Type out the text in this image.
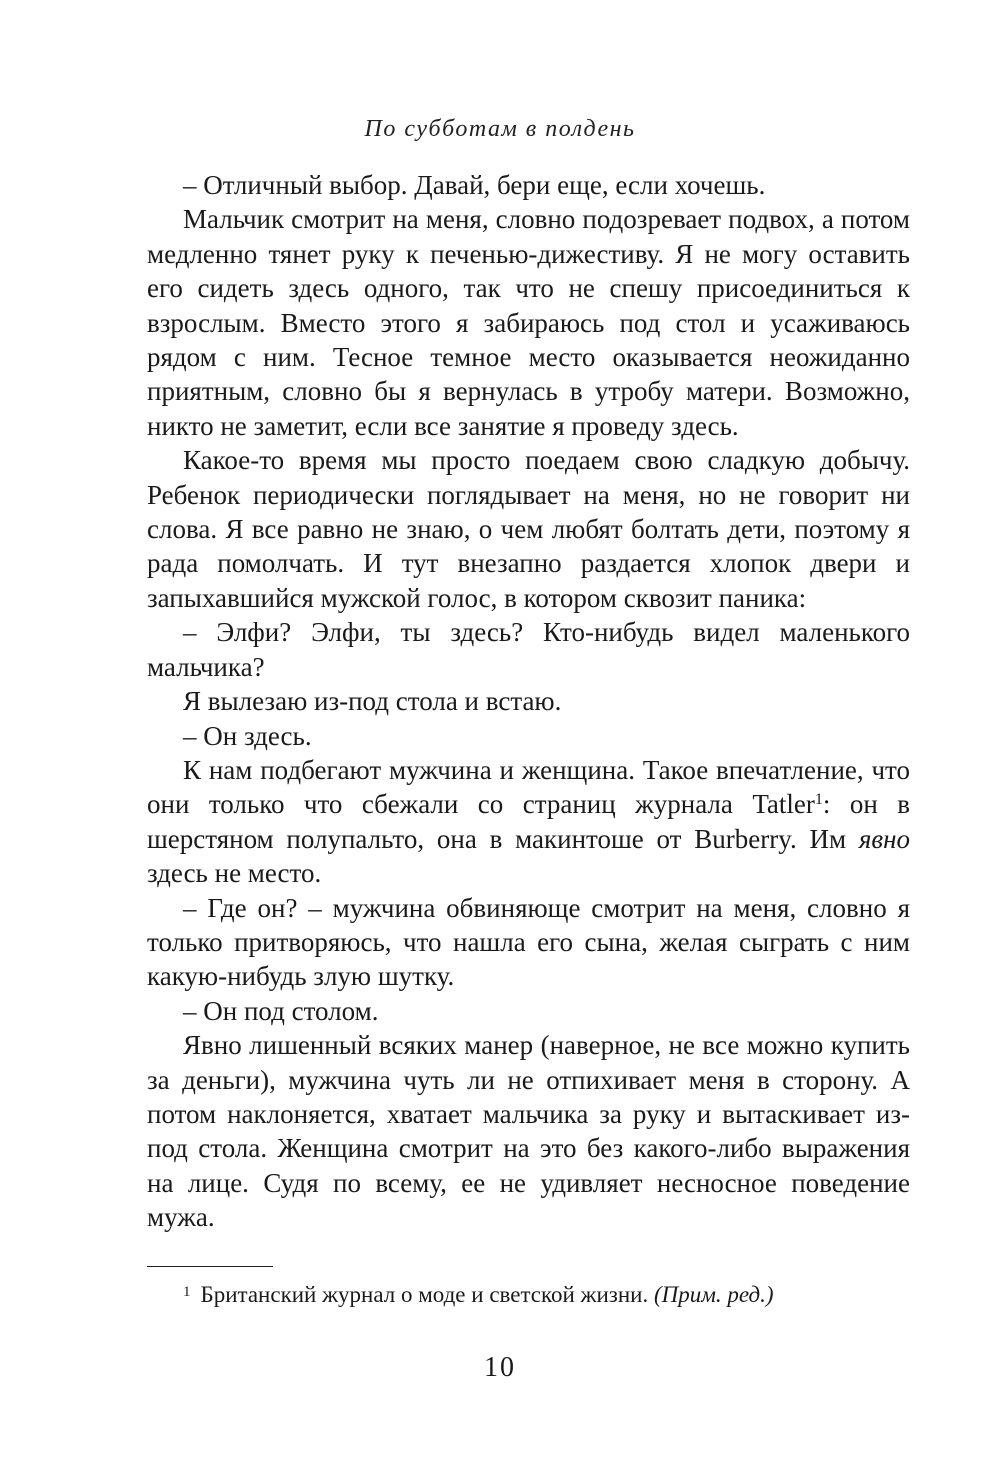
По субботам в полдень

– Отличный выбор. Давай, бери еще, если хочешь.

Мальчик смотрит на меня, словно подозревает подвох, а потом медленно тянет руку к печенью-дижестиву. Я не могу оставить его сидеть здесь одного, так что не спешу присоединиться к взрослым. Вместо этого я забираюсь под стол и усаживаюсь рядом с ним. Тесное темное место оказывается неожиданно приятным, словно бы я вернулась в утробу матери. Возможно, никто не заметит, если все занятие я проведу здесь.

Какое-то время мы просто поедаем свою сладкую добычу. Ребенок периодически поглядывает на меня, но не говорит ни слова. Я все равно не знаю, о чем любят болтать дети, поэтому я рада помолчать. И тут внезапно раздается хлопок двери и запыхавшийся мужской голос, в котором сквозит паника:

– Элфи? Элфи, ты здесь? Кто-нибудь видел маленького мальчика?

Я вылезаю из-под стола и встаю.

– Он здесь.

К нам подбегают мужчина и женщина. Такое впечатление, что они только что сбежали со страниц журнала Tatler$^1$: он в шерстяном полупальто, она в макинтоше от Burberry. Им явно здесь не место.

– Где он? – мужчина обвиняюще смотрит на меня, словно я только притворяюсь, что нашла его сына, желая сыграть с ним какую-нибудь злую шутку.

– Он под столом.

Явно лишенный всяких манер (наверное, не все можно купить за деньги), мужчина чуть ли не отпихивает меня в сторону. А потом наклоняется, хватает мальчика за руку и вытаскивает из-под стола. Женщина смотрит на это без какого-либо выражения на лице. Судя по всему, ее не удивляет несносное поведение мужа.

$^1$ Британский журнал о моде и светской жизни. (Прим. ред.)
10
